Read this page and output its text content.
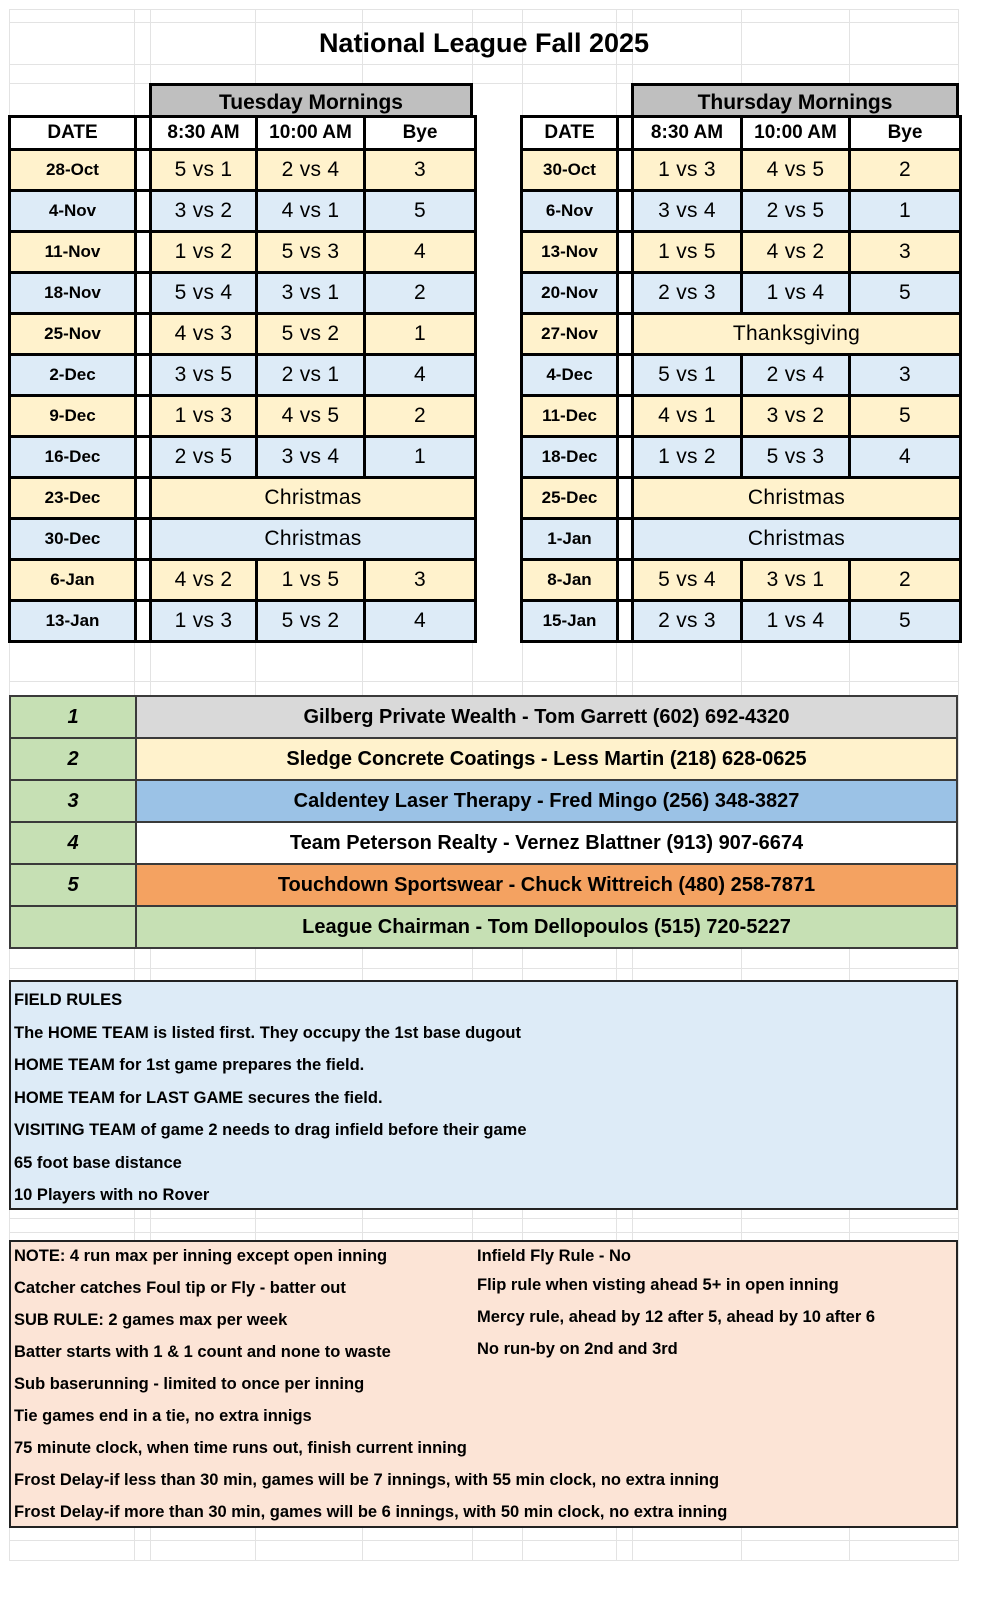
National League Fall 2025
Tuesday Mornings
DATE		8:30 AM	10:00 AM	Bye
28-Oct		5 vs 1	2 vs 4	3
4-Nov		3 vs 2	4 vs 1	5
11-Nov		1 vs 2	5 vs 3	4
18-Nov		5 vs 4	3 vs 1	2
25-Nov		4 vs 3	5 vs 2	1
2-Dec		3 vs 5	2 vs 1	4
9-Dec		1 vs 3	4 vs 5	2
16-Dec		2 vs 5	3 vs 4	1
23-Dec		Christmas		
30-Dec		Christmas		
6-Jan		4 vs 2	1 vs 5	3
13-Jan		1 vs 3	5 vs 2	4
Thursday Mornings
DATE		8:30 AM	10:00 AM	Bye
30-Oct		1 vs 3	4 vs 5	2
6-Nov		3 vs 4	2 vs 5	1
13-Nov		1 vs 5	4 vs 2	3
20-Nov		2 vs 3	1 vs 4	5
27-Nov		Thanksgiving		
4-Dec		5 vs 1	2 vs 4	3
11-Dec		4 vs 1	3 vs 2	5
18-Dec		1 vs 2	5 vs 3	4
25-Dec		Christmas		
1-Jan		Christmas		
8-Jan		5 vs 4	3 vs 1	2
15-Jan		2 vs 3	1 vs 4	5
1	Gilberg Private Wealth - Tom Garrett (602) 692-4320
2	Sledge Concrete Coatings - Less Martin (218) 628-0625
3	Caldentey Laser Therapy - Fred Mingo (256) 348-3827
4	Team Peterson Realty - Vernez Blattner (913) 907-6674
5	Touchdown Sportswear - Chuck Wittreich (480) 258-7871
	League Chairman - Tom Dellopoulos (515) 720-5227
FIELD RULES
The HOME TEAM is listed first. They occupy the 1st base dugout
HOME TEAM for 1st game prepares the field.
HOME TEAM for LAST GAME secures the field.
VISITING TEAM of game 2 needs to drag infield before their game
65 foot base distance
10 Players with no Rover
NOTE: 4 run max per inning except open inning
Catcher catches Foul tip or Fly - batter out
SUB RULE: 2 games max per week
Batter starts with 1 & 1 count and none to waste
Sub baserunning - limited to once per inning
Tie games end in a tie, no extra innigs
75 minute clock, when time runs out, finish current inning
Frost Delay-if less than 30 min, games will be 7 innings, with 55 min clock, no extra inning
Frost Delay-if more than 30 min, games will be 6 innings, with 50 min clock, no extra inning
Infield Fly Rule - No
Flip rule when visting ahead 5+ in open inning
Mercy rule, ahead by 12 after 5, ahead by 10 after 6
No run-by on 2nd and 3rd
